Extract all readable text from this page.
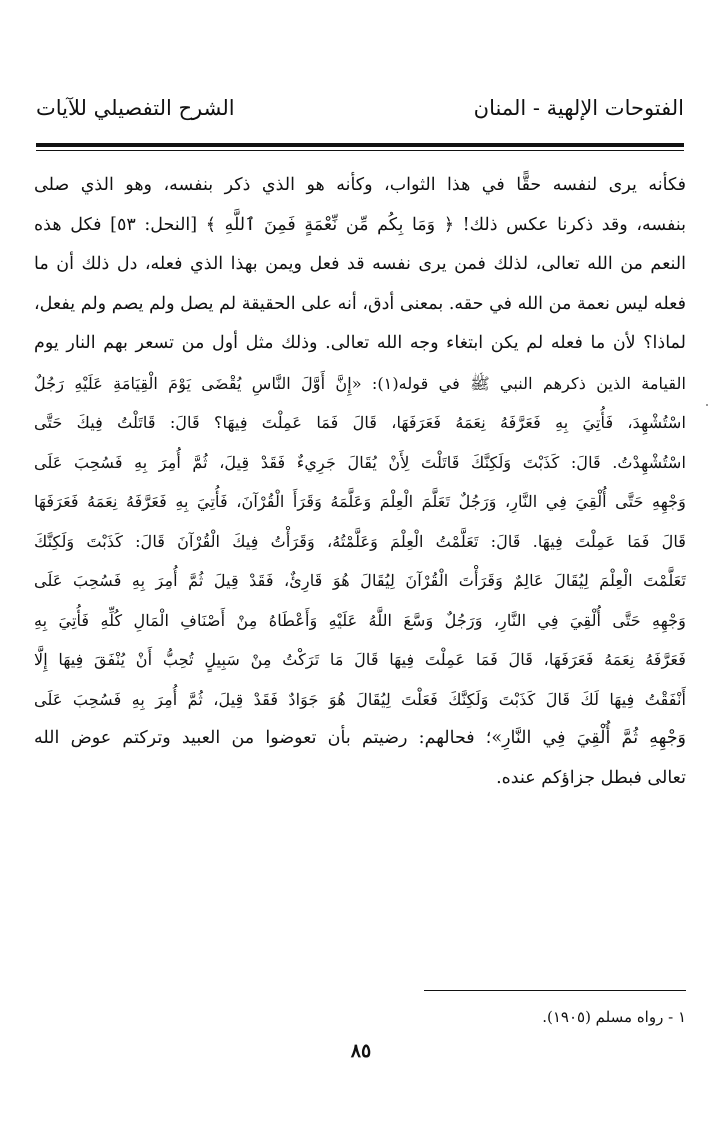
الفتوحات الإلهية - المنان
الشرح التفصيلي للآيات
فكأنه يرى لنفسه حقًّا في هذا الثواب، وكأنه هو الذي ذكر بنفسه، وهو الذي صلى
بنفسه، وقد ذكرنا عكس ذلك! ﴿ وَمَا بِكُم مِّن نِّعْمَةٍ فَمِنَ ٱللَّهِ ﴾ [النحل: ٥٣] فكل هذه
النعم من الله تعالى، لذلك فمن يرى نفسه قد فعل ويمن بهذا الذي فعله، دل ذلك أن ما
فعله ليس نعمة من الله في حقه. بمعنى أدق، أنه على الحقيقة لم يصل ولم يصم ولم يفعل،
لماذا؟ لأن ما فعله لم يكن ابتغاء وجه الله تعالى. وذلك مثل أول من تسعر بهم النار يوم
القيامة الذين ذكرهم النبي ﷺ في قوله(١): «إِنَّ أَوَّلَ النَّاسِ يُقْضَى يَوْمَ الْقِيَامَةِ عَلَيْهِ رَجُلٌ
اسْتُشْهِدَ، فَأُتِيَ بِهِ فَعَرَّفَهُ نِعَمَهُ فَعَرَفَهَا، قَالَ فَمَا عَمِلْتَ فِيهَا؟ قَالَ: قَاتَلْتُ فِيكَ حَتَّى
اسْتُشْهِدْتُ. قَالَ: كَذَبْتَ وَلَكِنَّكَ قَاتَلْتَ لِأَنْ يُقَالَ جَرِيءٌ فَقَدْ قِيلَ، ثُمَّ أُمِرَ بِهِ فَسُحِبَ عَلَى
وَجْهِهِ حَتَّى أُلْقِيَ فِي النَّارِ، وَرَجُلٌ تَعَلَّمَ الْعِلْمَ وَعَلَّمَهُ وَقَرَأَ الْقُرْآنَ، فَأُتِيَ بِهِ فَعَرَّفَهُ نِعَمَهُ فَعَرَفَهَا
قَالَ فَمَا عَمِلْتَ فِيهَا. قَالَ: تَعَلَّمْتُ الْعِلْمَ وَعَلَّمْتُهُ، وَقَرَأْتُ فِيكَ الْقُرْآنَ قَالَ: كَذَبْتَ وَلَكِنَّكَ
تَعَلَّمْتَ الْعِلْمَ لِيُقَالَ عَالِمٌ وَقَرَأْتَ الْقُرْآنَ لِيُقَالَ هُوَ قَارِئٌ، فَقَدْ قِيلَ ثُمَّ أُمِرَ بِهِ فَسُحِبَ عَلَى
وَجْهِهِ حَتَّى أُلْقِيَ فِي النَّارِ، وَرَجُلٌ وَسَّعَ اللَّهُ عَلَيْهِ وَأَعْطَاهُ مِنْ أَصْنَافِ الْمَالِ كُلِّهِ فَأُتِيَ بِهِ
فَعَرَّفَهُ نِعَمَهُ فَعَرَفَهَا، قَالَ فَمَا عَمِلْتَ فِيهَا قَالَ مَا تَرَكْتُ مِنْ سَبِيلٍ تُحِبُّ أَنْ يُنْفَقَ فِيهَا إِلَّا
أَنْفَقْتُ فِيهَا لَكَ قَالَ كَذَبْتَ وَلَكِنَّكَ فَعَلْتَ لِيُقَالَ هُوَ جَوَادٌ فَقَدْ قِيلَ، ثُمَّ أُمِرَ بِهِ فَسُحِبَ عَلَى
وَجْهِهِ ثُمَّ أُلْقِيَ فِي النَّارِ»؛ فحالهم: رضيتم بأن تعوضوا من العبيد وتركتم عوض الله
تعالى فبطل جزاؤكم عنده.
١ - رواه مسلم (١٩٠٥).
٨٥
